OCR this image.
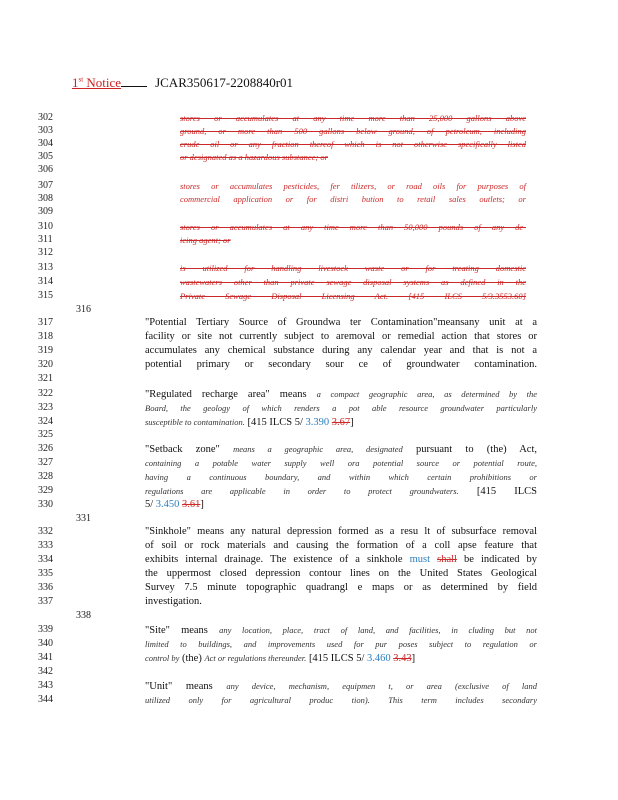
1st Notice	JCAR350617-2208840r01
302	stores or accumulates at any time more than 25,000 gallons above
303	ground, or more than 500 gallons below ground, of petroleum, including
304	crude oil or any fraction thereof which is not otherwise specifically listed
305	or designated as a hazardous substance; or
306
307	stores or accumulates pesticides, fer tilizers, or road oils for purposes of
308	commercial application or for distri bution to retail sales outlets; or
309
310	stores or accumulates at any time more than 50,000 pounds of any de-
311	icing agent; or
312
313	is utilized for handling livestock waste or for treating domestic
314	wastewaters other than private sewage disposal systems as defined in the
315	Private Sewage Disposal Licensing Act. [415 ILCS 5/3.3553.60]
316
317	"Potential Tertiary Source of Groundwa ter Contamination"meansany unit at a
318	facility or site not currently subject to aremoval or remedial action that stores or
319	accumulates any chemical substance during any calendar year and that is not a
320	potential primary or secondary sour ce of groundwater contamination.
321
322	"Regulated recharge area" means a compact geographic area, as determined by the
323	Board, the geology of which renders a pot able resource groundwater particularly
324	susceptible to contamination. [415 ILCS 5/ 3.390 3.67]
325
326	"Setback zone" means a geographic area, designated pursuant to (the) Act,
327	containing a potable water supply well ora potential source or potential route,
328	having a continuous boundary, and within which certain prohibitions or
329	regulations are applicable in order to protect groundwaters. [415 ILCS
330	5/ 3.450 3.61]
331
332	"Sinkhole" means any natural depression formed as a resu lt of subsurface removal
333	of soil or rock materials and causing the formation of a coll apse feature that
334	exhibits internal drainage. The existence of a sinkhole must shall be indicated by
335	the uppermost closed depression contour lines on the United States Geological
336	Survey 7.5 minute topographic quadrangl e maps or as determined by field
337	investigation.
338
339	"Site" means any location, place, tract of land, and facilities, in cluding but not
340	limited to buildings, and improvements used for pur poses subject to regulation or
341	control by (the) Act or regulations thereunder. [415 ILCS 5/ 3.460 3.43]
342
343	"Unit" means any device, mechanism, equipmen t, or area (exclusive of land
344	utilized only for agricultural produc tion). This term includes secondary
